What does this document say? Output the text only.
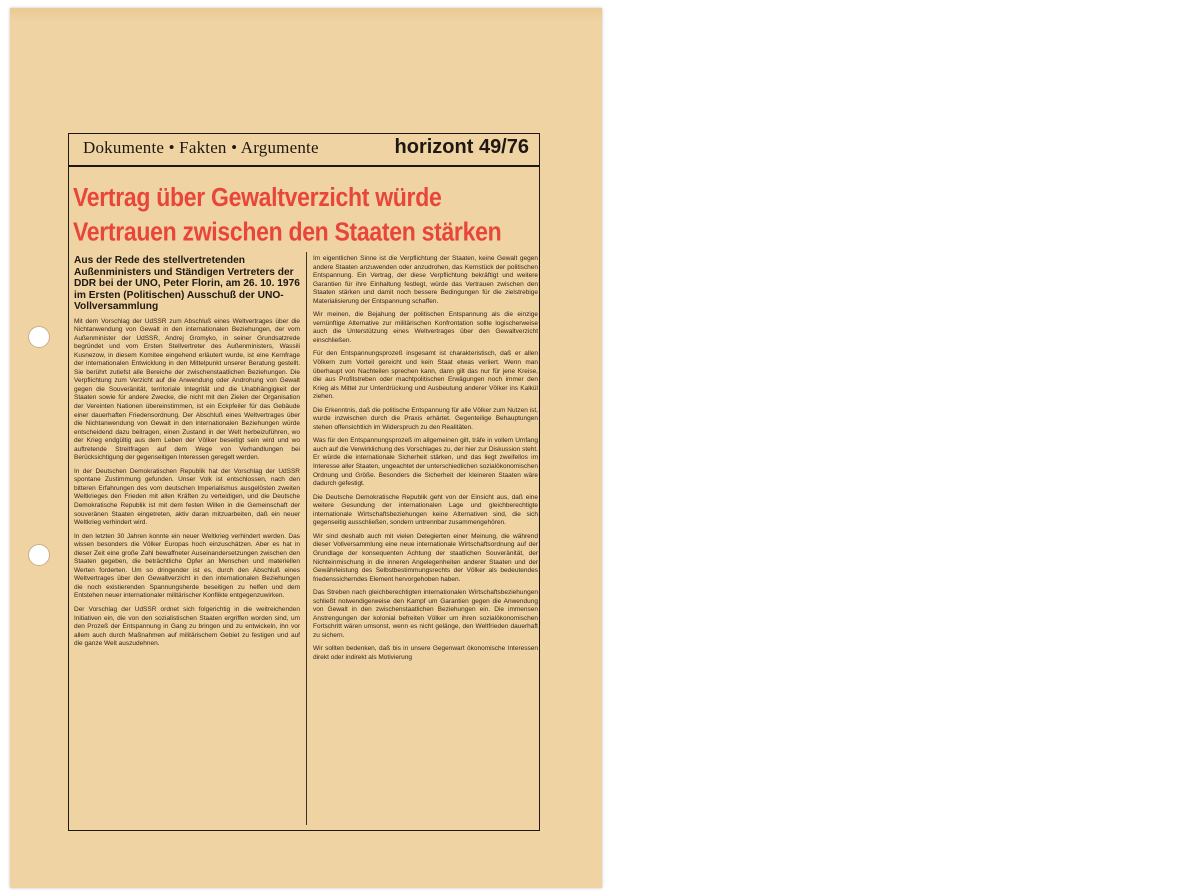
Dokumente • Fakten • Argumente	horizont 49/76
Vertrag über Gewaltverzicht würde Vertrauen zwischen den Staaten stärken

Aus der Rede des stellvertretenden Außenministers und Ständigen Vertreters der DDR bei der UNO, Peter Florin, am 26. 10. 1976 im Ersten (Politischen) Ausschuß der UNO-Vollversammlung

Mit dem Vorschlag der UdSSR zum Abschluß eines Weltvertrages über die Nichtanwendung von Gewalt in den internationalen Beziehungen, der vom Außenminister der UdSSR, Andrej Gromyko, in seiner Grundsatzrede begründet und vom Ersten Stellvertreter des Außenministers, Wassili Kusnezow, in diesem Komitee eingehend erläutert wurde, ist eine Kernfrage der internationalen Entwicklung in den Mittelpunkt unserer Beratung gestellt. Sie berührt zutiefst alle Bereiche der zwischenstaatlichen Beziehungen. Die Verpflichtung zum Verzicht auf die Anwendung oder Androhung von Gewalt gegen die Souveränität, territoriale Integrität und die Unabhängigkeit der Staaten sowie für andere Zwecke, die nicht mit den Zielen der Organisation der Vereinten Nationen übereinstimmen, ist ein Eckpfeiler für das Gebäude einer dauerhaften Friedensordnung. Der Abschluß eines Weltvertrages über die Nichtanwendung von Gewalt in den internationalen Beziehungen würde entscheidend dazu beitragen, einen Zustand in der Welt herbeizuführen, wo der Krieg endgültig aus dem Leben der Völker beseitigt sein wird und wo auftretende Streitfragen auf dem Wege von Verhandlungen bei Berücksichtigung der gegenseitigen Interessen geregelt werden.

In der Deutschen Demokratischen Republik hat der Vorschlag der UdSSR spontane Zustimmung gefunden. Unser Volk ist entschlossen, nach den bitteren Erfahrungen des vom deutschen Imperialismus ausgelösten zweiten Weltkrieges den Frieden mit allen Kräften zu verteidigen, und die Deutsche Demokratische Republik ist mit dem festen Willen in die Gemeinschaft der souveränen Staaten eingetreten, aktiv daran mitzuarbeiten, daß ein neuer Weltkrieg verhindert wird.

In den letzten 30 Jahren konnte ein neuer Weltkrieg verhindert werden. Das wissen besonders die Völker Europas hoch einzuschätzen. Aber es hat in dieser Zeit eine große Zahl bewaffneter Auseinandersetzungen zwischen den Staaten gegeben, die beträchtliche Opfer an Menschen und materiellen Werten forderten. Um so dringender ist es, durch den Abschluß eines Weltvertrages über den Gewaltverzicht in den internationalen Beziehungen die noch existierenden Spannungsherde beseitigen zu helfen und dem Entstehen neuer internationaler militärischer Konflikte entgegenzuwirken.

Der Vorschlag der UdSSR ordnet sich folgerichtig in die weitreichenden Initiativen ein, die von den sozialistischen Staaten ergriffen worden sind, um den Prozeß der Entspannung in Gang zu bringen und zu entwickeln, ihn vor allem auch durch Maßnahmen auf militärischem Gebiet zu festigen und auf die ganze Welt auszudehnen.

Im eigentlichen Sinne ist die Verpflichtung der Staaten, keine Gewalt gegen andere Staaten anzuwenden oder anzudrohen, das Kernstück der politischen Entspannung. Ein Vertrag, der diese Verpflichtung bekräftigt und weitere Garantien für ihre Einhaltung festlegt, würde das Vertrauen zwischen den Staaten stärken und damit noch bessere Bedingungen für die zielstrebige Materialisierung der Entspannung schaffen.

Wir meinen, die Bejahung der politischen Entspannung als die einzige vernünftige Alternative zur militärischen Konfrontation sollte logischerweise auch die Unterstützung eines Weltvertrages über den Gewaltverzicht einschließen.

Für den Entspannungsprozeß insgesamt ist charakteristisch, daß er allen Völkern zum Vorteil gereicht und kein Staat etwas verliert. Wenn man überhaupt von Nachteilen sprechen kann, dann gilt das nur für jene Kreise, die aus Profitstreben oder machtpolitischen Erwägungen noch immer den Krieg als Mittel zur Unterdrückung und Ausbeutung anderer Völker ins Kalkül ziehen.

Die Erkenntnis, daß die politische Entspannung für alle Völker zum Nutzen ist, wurde inzwischen durch die Praxis erhärtet. Gegenteilige Behauptungen stehen offensichtlich im Widerspruch zu den Realitäten.

Was für den Entspannungsprozeß im allgemeinen gilt, träfe in vollem Umfang auch auf die Verwirklichung des Vorschlages zu, der hier zur Diskussion steht. Er würde die internationale Sicherheit stärken, und das liegt zweifellos im Interesse aller Staaten, ungeachtet der unterschiedlichen sozialökonomischen Ordnung und Größe. Besonders die Sicherheit der kleineren Staaten wäre dadurch gefestigt.

Die Deutsche Demokratische Republik geht von der Einsicht aus, daß eine weitere Gesundung der internationalen Lage und gleichberechtigte internationale Wirtschaftsbeziehungen keine Alternativen sind, die sich gegenseitig ausschließen, sondern untrennbar zusammengehören.

Wir sind deshalb auch mit vielen Delegierten einer Meinung, die während dieser Vollversammlung eine neue internationale Wirtschaftsordnung auf der Grundlage der konsequenten Achtung der staatlichen Souveränität, der Nichteinmischung in die inneren Angelegenheiten anderer Staaten und der Gewährleistung des Selbstbestimmungsrechts der Völker als bedeutendes friedenssicherndes Element hervorgehoben haben.

Das Streben nach gleichberechtigten internationalen Wirtschaftsbeziehungen schließt notwendigerweise den Kampf um Garantien gegen die Anwendung von Gewalt in den zwischenstaatlichen Beziehungen ein. Die immensen Anstrengungen der kolonial befreiten Völker um ihren sozialökonomischen Fortschritt wären umsonst, wenn es nicht gelänge, den Weltfrieden dauerhaft zu sichern.

Wir sollten bedenken, daß bis in unsere Gegenwart ökonomische Interessen direkt oder indirekt als Motivierung
